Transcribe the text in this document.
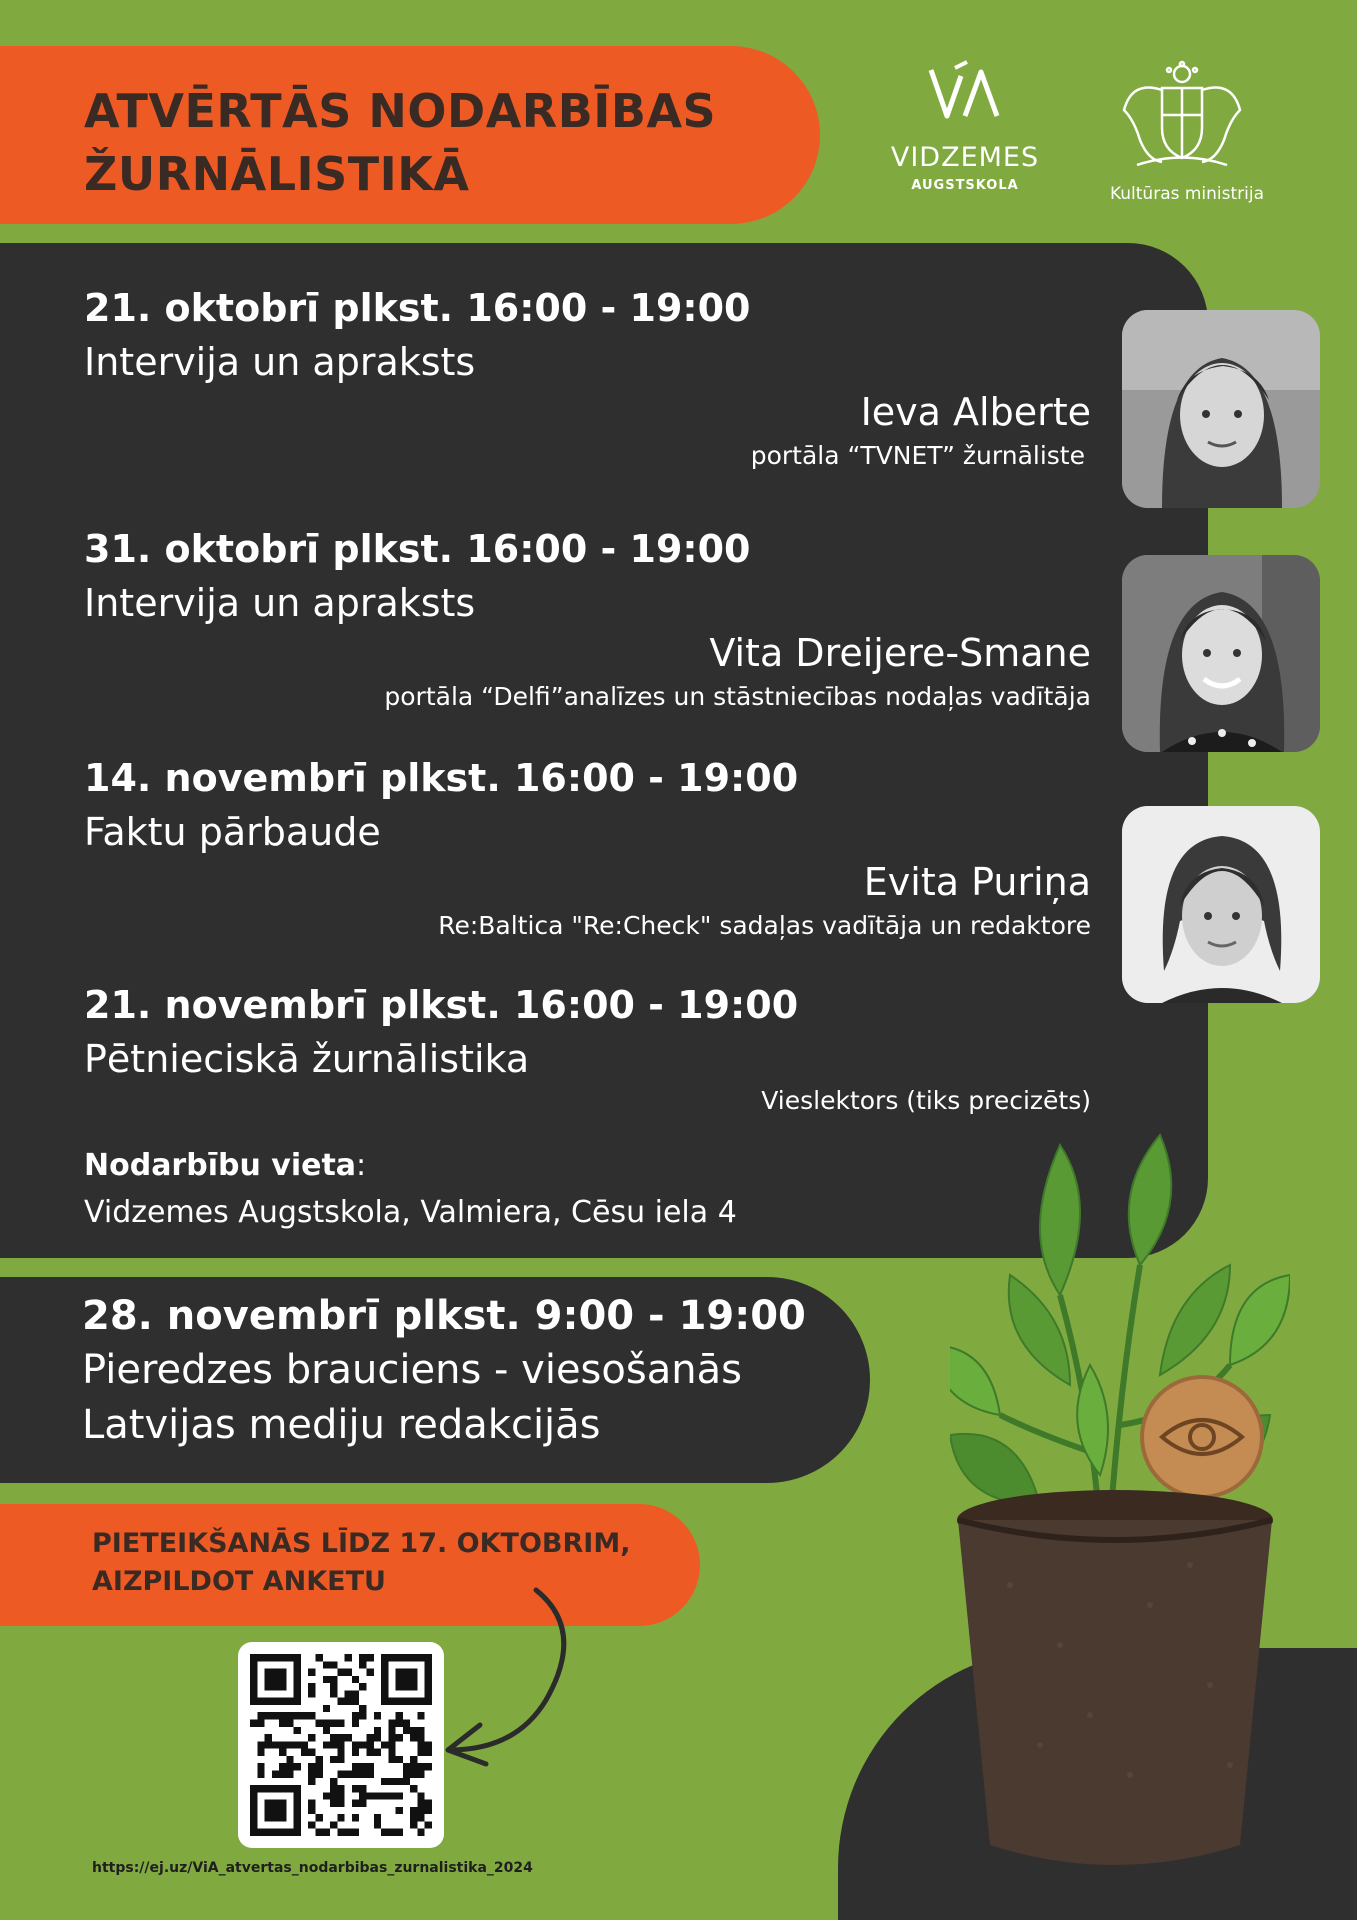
ATVĒRTĀS NODARBĪBAS
ŽURNĀLISTIKĀ	VIDZEMES
AUGSTSKOLA	Kultūras ministrija
21. oktobrī plkst. 16:00 - 19:00
Intervija un apraksts
Ieva Alberte
portāla “TVNET” žurnāliste
31. oktobrī plkst. 16:00 - 19:00
Intervija un apraksts
Vita Dreijere-Smane
portāla “Delfi”analīzes un stāstniecības nodaļas vadītāja
14. novembrī plkst. 16:00 - 19:00
Faktu pārbaude
Evita Puriņa
Re:Baltica "Re:Check" sadaļas vadītāja un redaktore
21. novembrī plkst. 16:00 - 19:00
Pētnieciskā žurnālistika
Vieslektors (tiks precizēts)
Nodarbību vieta:
Vidzemes Augstskola, Valmiera, Cēsu iela 4
28. novembrī plkst. 9:00 - 19:00
Pieredzes brauciens - viesošanās
Latvijas mediju redakcijās
PIETEIKŠANĀS LĪDZ 17. OKTOBRIM,
AIZPILDOT ANKETU
https://ej.uz/ViA_atvertas_nodarbibas_zurnalistika_2024
